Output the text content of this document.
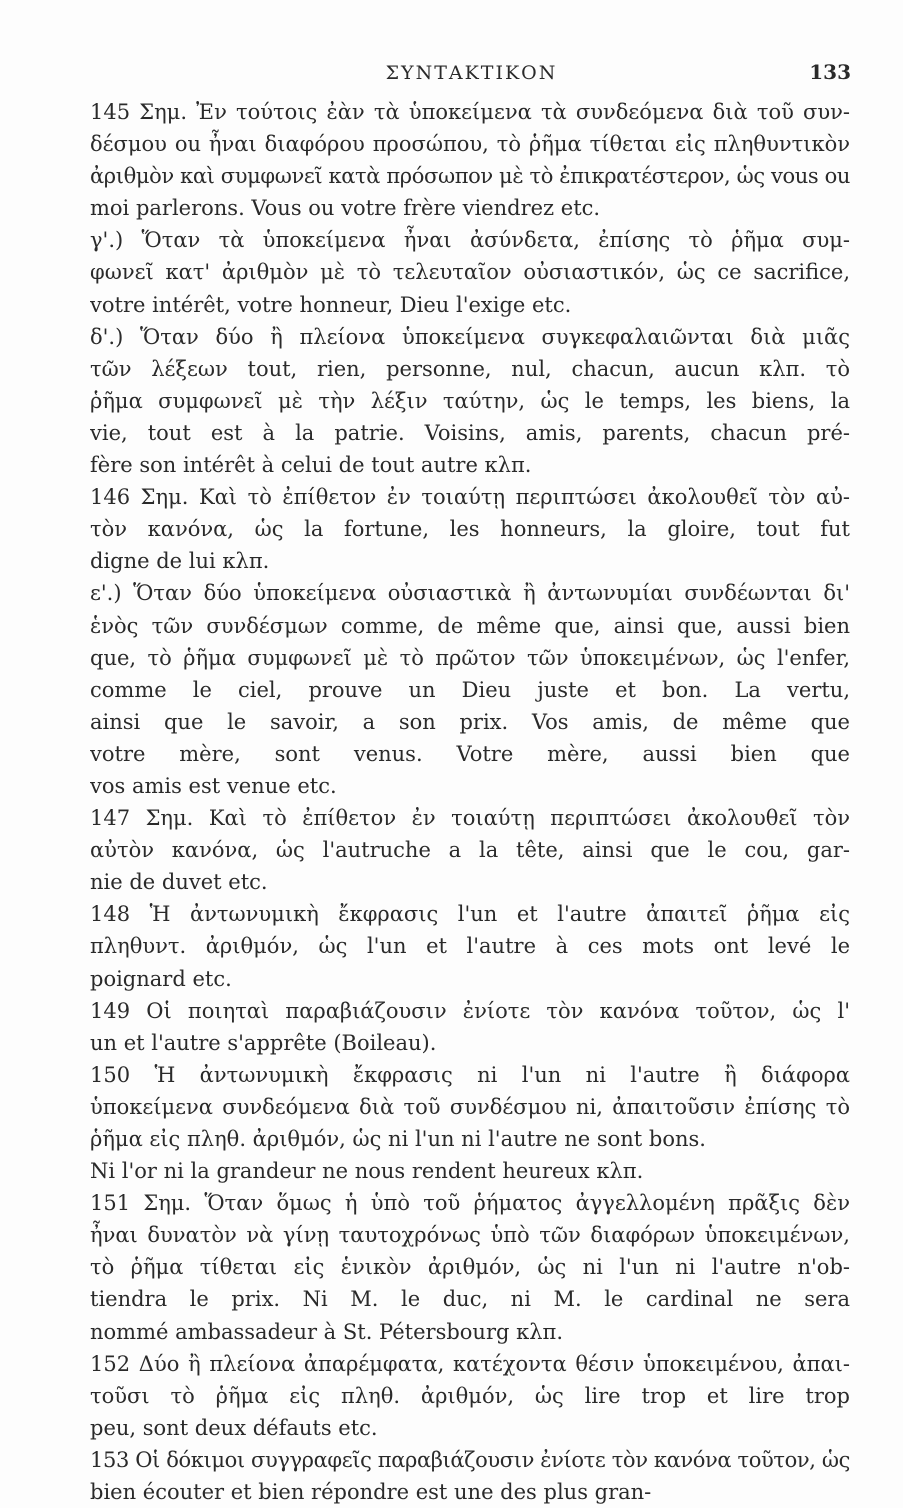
ΣΥΝΤΑΚΤΙΚΟΝ	133
145 Σημ. Ἐν τούτοις ἐὰν τὰ ὑποκείμενα τὰ συνδεόμενα διὰ τοῦ συν-
δέσμου ou ἦναι διαφόρου προσώπου, τὸ ῥῆμα τίθεται εἰς πληθυντικὸν
ἀριθμὸν καὶ συμφωνεῖ κατὰ πρόσωπον μὲ τὸ ἐπικρατέστερον, ὡς vous ou
moi parlerons. Vous ou votre frère viendrez etc.
γ'.) Ὅταν τὰ ὑποκείμενα ἦναι ἀσύνδετα, ἐπίσης τὸ ῥῆμα συμ-
φωνεῖ κατ' ἀριθμὸν μὲ τὸ τελευταῖον οὐσιαστικόν, ὡς ce sacrifice,
votre intérêt, votre honneur, Dieu l'exige etc.
δ'.) Ὅταν δύο ἢ πλείονα ὑποκείμενα συγκεφαλαιῶνται διὰ μιᾶς
τῶν λέξεων tout, rien, personne, nul, chacun, aucun κλπ. τὸ
ῥῆμα συμφωνεῖ μὲ τὴν λέξιν ταύτην, ὡς le temps, les biens, la
vie, tout est à la patrie. Voisins, amis, parents, chacun pré-
fère son intérêt à celui de tout autre κλπ.
146 Σημ. Καὶ τὸ ἐπίθετον ἐν τοιαύτῃ περιπτώσει ἀκολουθεῖ τὸν αὐ-
τὸν κανόνα, ὡς la fortune, les honneurs, la gloire, tout fut
digne de lui κλπ.
ε'.) Ὅταν δύο ὑποκείμενα οὐσιαστικὰ ἢ ἀντωνυμίαι συνδέωνται δι'
ἑνὸς τῶν συνδέσμων comme, de même que, ainsi que, aussi bien
que, τὸ ῥῆμα συμφωνεῖ μὲ τὸ πρῶτον τῶν ὑποκειμένων, ὡς l'enfer,
comme le ciel, prouve un Dieu juste et bon. La vertu,
ainsi que le savoir, a son prix. Vos amis, de même que
votre mère, sont venus. Votre mère, aussi bien que
vos amis est venue etc.
147 Σημ. Καὶ τὸ ἐπίθετον ἐν τοιαύτῃ περιπτώσει ἀκολουθεῖ τὸν
αὐτὸν κανόνα, ὡς l'autruche a la tête, ainsi que le cou, gar-
nie de duvet etc.
148 Ἡ ἀντωνυμικὴ ἔκφρασις l'un et l'autre ἀπαιτεῖ ῥῆμα εἰς
πληθυντ. ἀριθμόν, ὡς l'un et l'autre à ces mots ont levé le
poignard etc.
149 Οἱ ποιηταὶ παραβιάζουσιν ἐνίοτε τὸν κανόνα τοῦτον, ὡς l'
un et l'autre s'apprête (Boileau).
150 Ἡ ἀντωνυμικὴ ἔκφρασις ni l'un ni l'autre ἢ διάφορα
ὑποκείμενα συνδεόμενα διὰ τοῦ συνδέσμου ni, ἀπαιτοῦσιν ἐπίσης τὸ
ῥῆμα εἰς πληθ. ἀριθμόν, ὡς ni l'un ni l'autre ne sont bons.
Ni l'or ni la grandeur ne nous rendent heureux κλπ.
151 Σημ. Ὅταν ὅμως ἡ ὑπὸ τοῦ ῥήματος ἀγγελλομένη πρᾶξις δὲν
ἦναι δυνατὸν νὰ γίνῃ ταυτοχρόνως ὑπὸ τῶν διαφόρων ὑποκειμένων,
τὸ ῥῆμα τίθεται εἰς ἑνικὸν ἀριθμόν, ὡς ni l'un ni l'autre n'ob-
tiendra le prix. Ni M. le duc, ni M. le cardinal ne sera
nommé ambassadeur à St. Pétersbourg κλπ.
152 Δύο ἢ πλείονα ἀπαρέμφατα, κατέχοντα θέσιν ὑποκειμένου, ἀπαι-
τοῦσι τὸ ῥῆμα εἰς πληθ. ἀριθμόν, ὡς lire trop et lire trop
peu, sont deux défauts etc.
153 Οἱ δόκιμοι συγγραφεῖς παραβιάζουσιν ἐνίοτε τὸν κανόνα τοῦτον, ὡς
bien écouter et bien répondre est une des plus gran-
